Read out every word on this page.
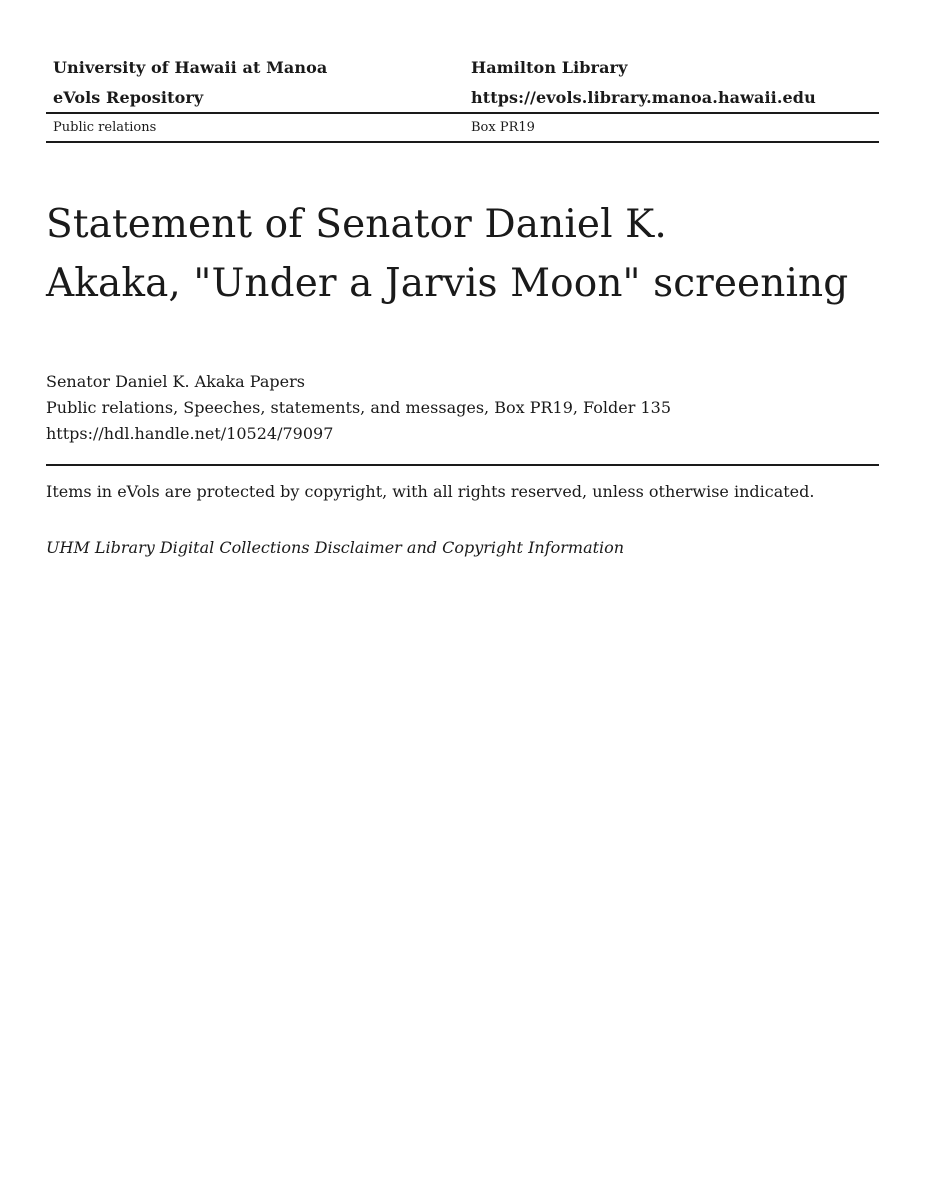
University of Hawaii at Manoa	Hamilton Library
eVols Repository	https://evols.library.manoa.hawaii.edu
Public relations	Box PR19
Statement of Senator Daniel K.
Akaka, "Under a Jarvis Moon" screening
Senator Daniel K. Akaka Papers
Public relations, Speeches, statements, and messages, Box PR19, Folder 135
https://hdl.handle.net/10524/79097
Items in eVols are protected by copyright, with all rights reserved, unless otherwise indicated.
UHM Library Digital Collections Disclaimer and Copyright Information
